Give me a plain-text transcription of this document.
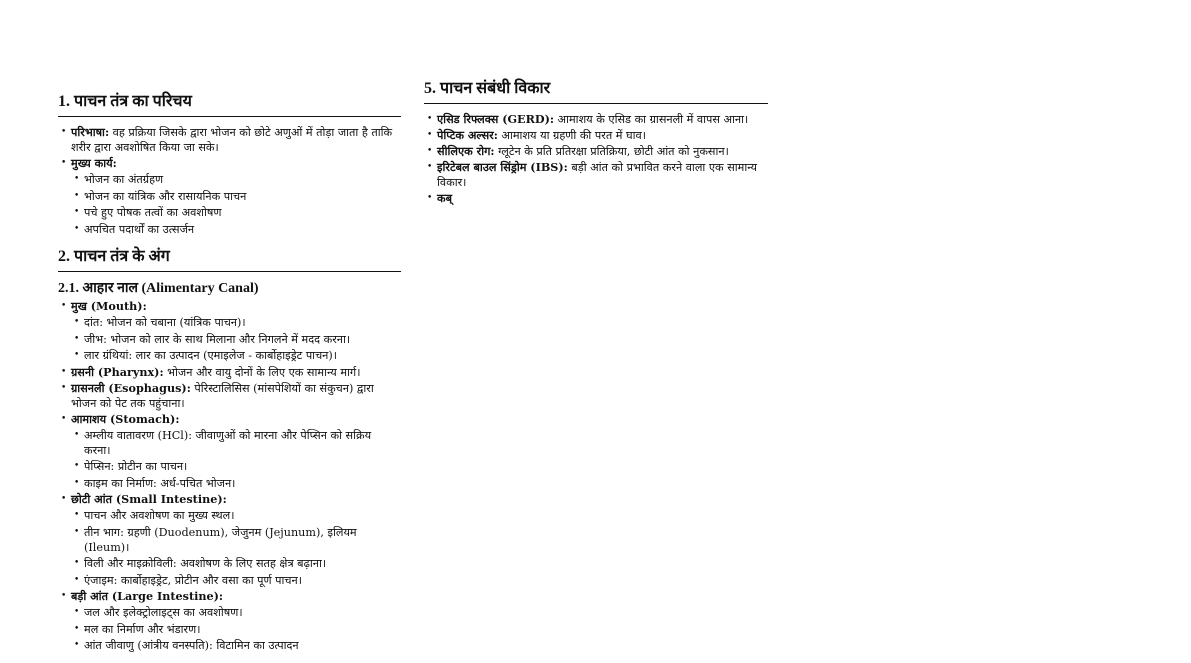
1. पाचन तंत्र का परिचय
• परिभाषा: वह प्रक्रिया जिसके द्वारा भोजन को छोटे अणुओं में तोड़ा जाता है ताकि शरीर द्वारा अवशोषित किया जा सके।
• मुख्य कार्य:
• भोजन का अंतर्ग्रहण
• भोजन का यांत्रिक और रासायनिक पाचन
• पचे हुए पोषक तत्वों का अवशोषण
• अपचित पदार्थों का उत्सर्जन
2. पाचन तंत्र के अंग
2.1. आहार नाल (Alimentary Canal)
• मुख (Mouth):
• दांत: भोजन को चबाना (यांत्रिक पाचन)।
• जीभ: भोजन को लार के साथ मिलाना और निगलने में मदद करना।
• लार ग्रंथियां: लार का उत्पादन (एमाइलेज - कार्बोहाइड्रेट पाचन)।
• ग्रसनी (Pharynx): भोजन और वायु दोनों के लिए एक सामान्य मार्ग।
• ग्रासनली (Esophagus): पेरिस्टालिसिस (मांसपेशियों का संकुचन) द्वारा भोजन को पेट तक पहुंचाना।
• आमाशय (Stomach):
• अम्लीय वातावरण (HCl): जीवाणुओं को मारना और पेप्सिन को सक्रिय करना।
• पेप्सिन: प्रोटीन का पाचन।
• काइम का निर्माण: अर्ध-पचित भोजन।
• छोटी आंत (Small Intestine):
• पाचन और अवशोषण का मुख्य स्थल।
• तीन भाग: ग्रहणी (Duodenum), जेजुनम (Jejunum), इलियम (Ileum)।
• विली और माइक्रोविली: अवशोषण के लिए सतह क्षेत्र बढ़ाना।
• एंजाइम: कार्बोहाइड्रेट, प्रोटीन और वसा का पूर्ण पाचन।
• बड़ी आंत (Large Intestine):
• जल और इलेक्ट्रोलाइट्स का अवशोषण।
• मल का निर्माण और भंडारण।
• आंत जीवाणु (आंत्रीय वनस्पति): विटामिन का उत्पादन
5. पाचन संबंधी विकार
• एसिड रिफ्लक्स (GERD): आमाशय के एसिड का ग्रासनली में वापस आना।
• पेप्टिक अल्सर: आमाशय या ग्रहणी की परत में घाव।
• सीलिएक रोग: ग्लूटेन के प्रति प्रतिरक्षा प्रतिक्रिया, छोटी आंत को नुकसान।
• इरिटेबल बाउल सिंड्रोम (IBS): बड़ी आंत को प्रभावित करने वाला एक सामान्य विकार।
• कब्
